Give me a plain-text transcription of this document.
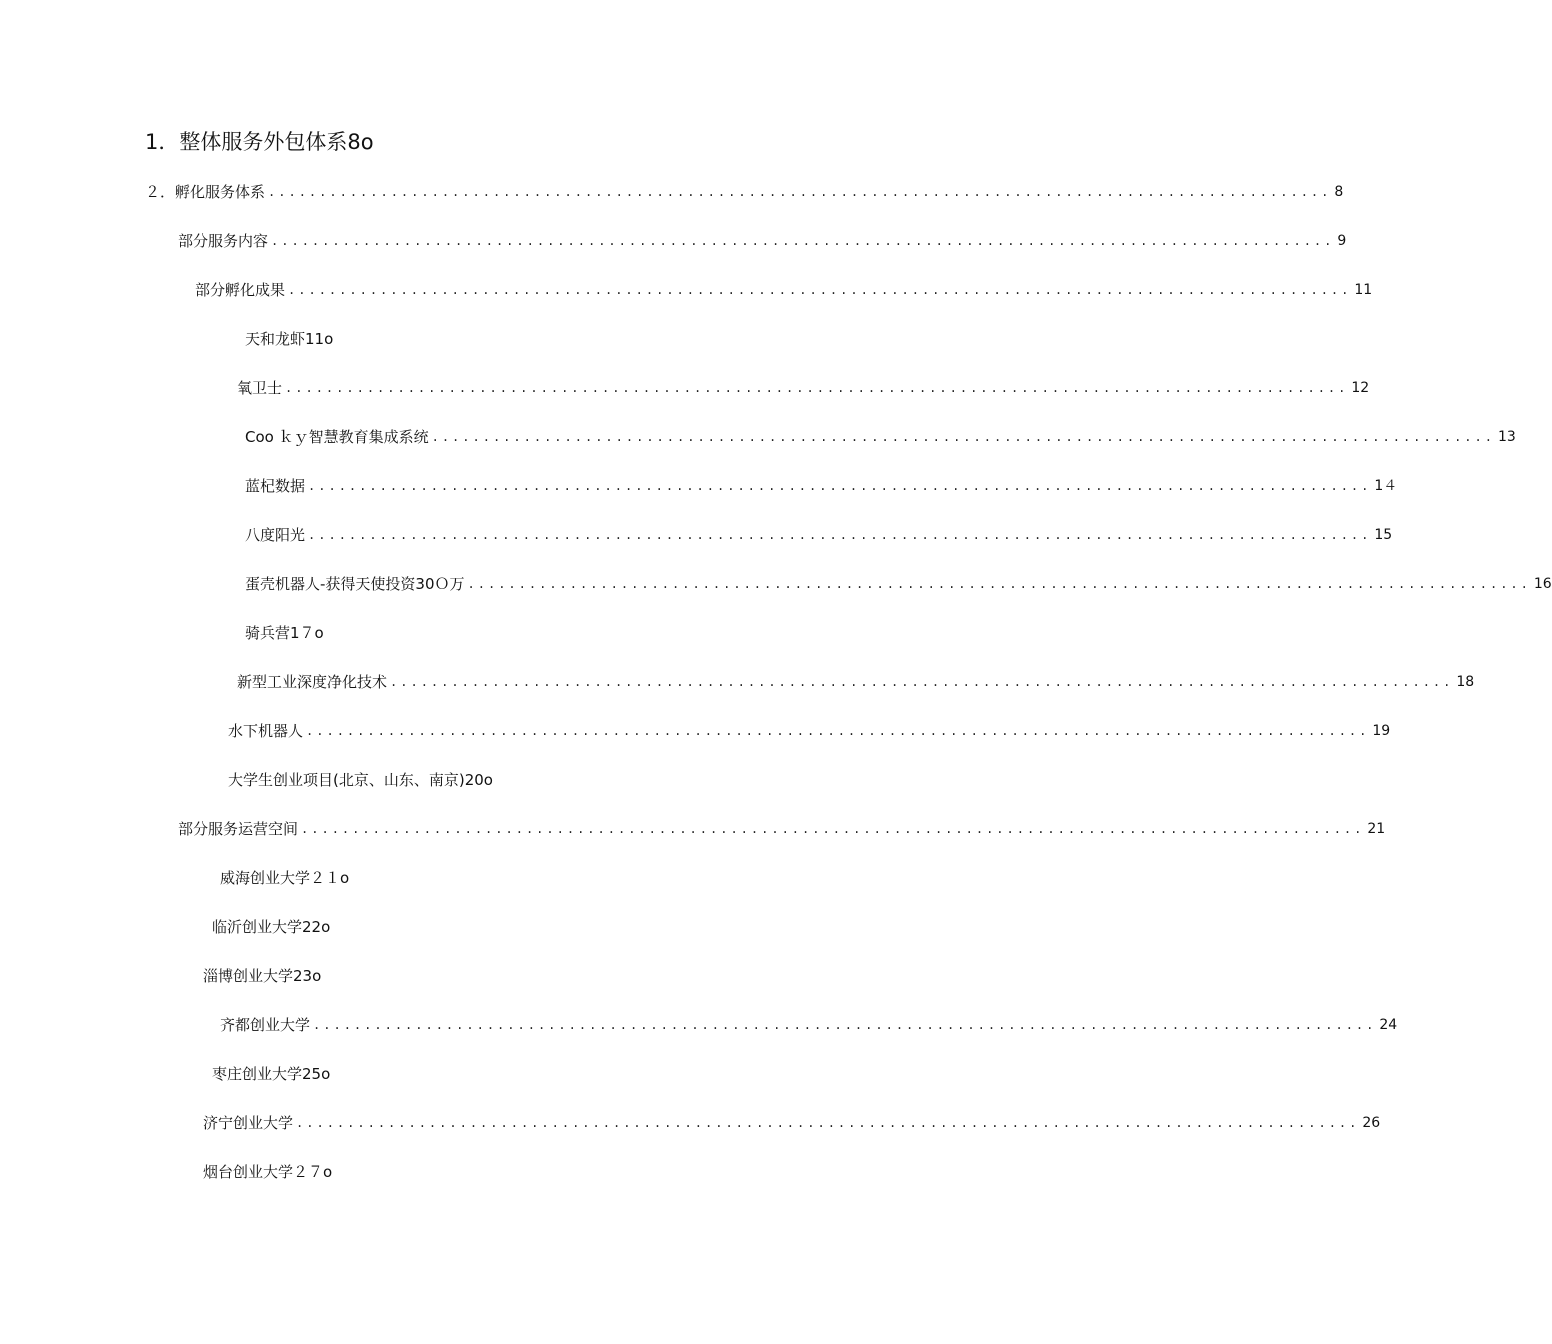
1．整体服务外包体系8ο
２．孵化服务体系 ........................................................................................................ 8
部分服务内容 ........................................................................................................ 9
部分孵化成果 ........................................................................................................ 11
天和龙虾11ο
氧卫士 ........................................................................................................ 12
Coo ｋｙ智慧教育集成系统 ........................................................................................................ 13
蓝杞数据 ........................................................................................................ 1４
八度阳光 ........................................................................................................ 15
蛋壳机器人-获得天使投资30Ｏ万 ........................................................................................................ 16
骑兵营1７ο
新型工业深度净化技术 ........................................................................................................ 18
水下机器人 ........................................................................................................ 19
大学生创业项目(北京、山东、南京)20ο
部分服务运营空间 ........................................................................................................ 21
威海创业大学２１ο
临沂创业大学22ο
淄博创业大学23ο
齐都创业大学 ........................................................................................................ 24
枣庄创业大学25ο
济宁创业大学 ........................................................................................................ 26
烟台创业大学２７ο
